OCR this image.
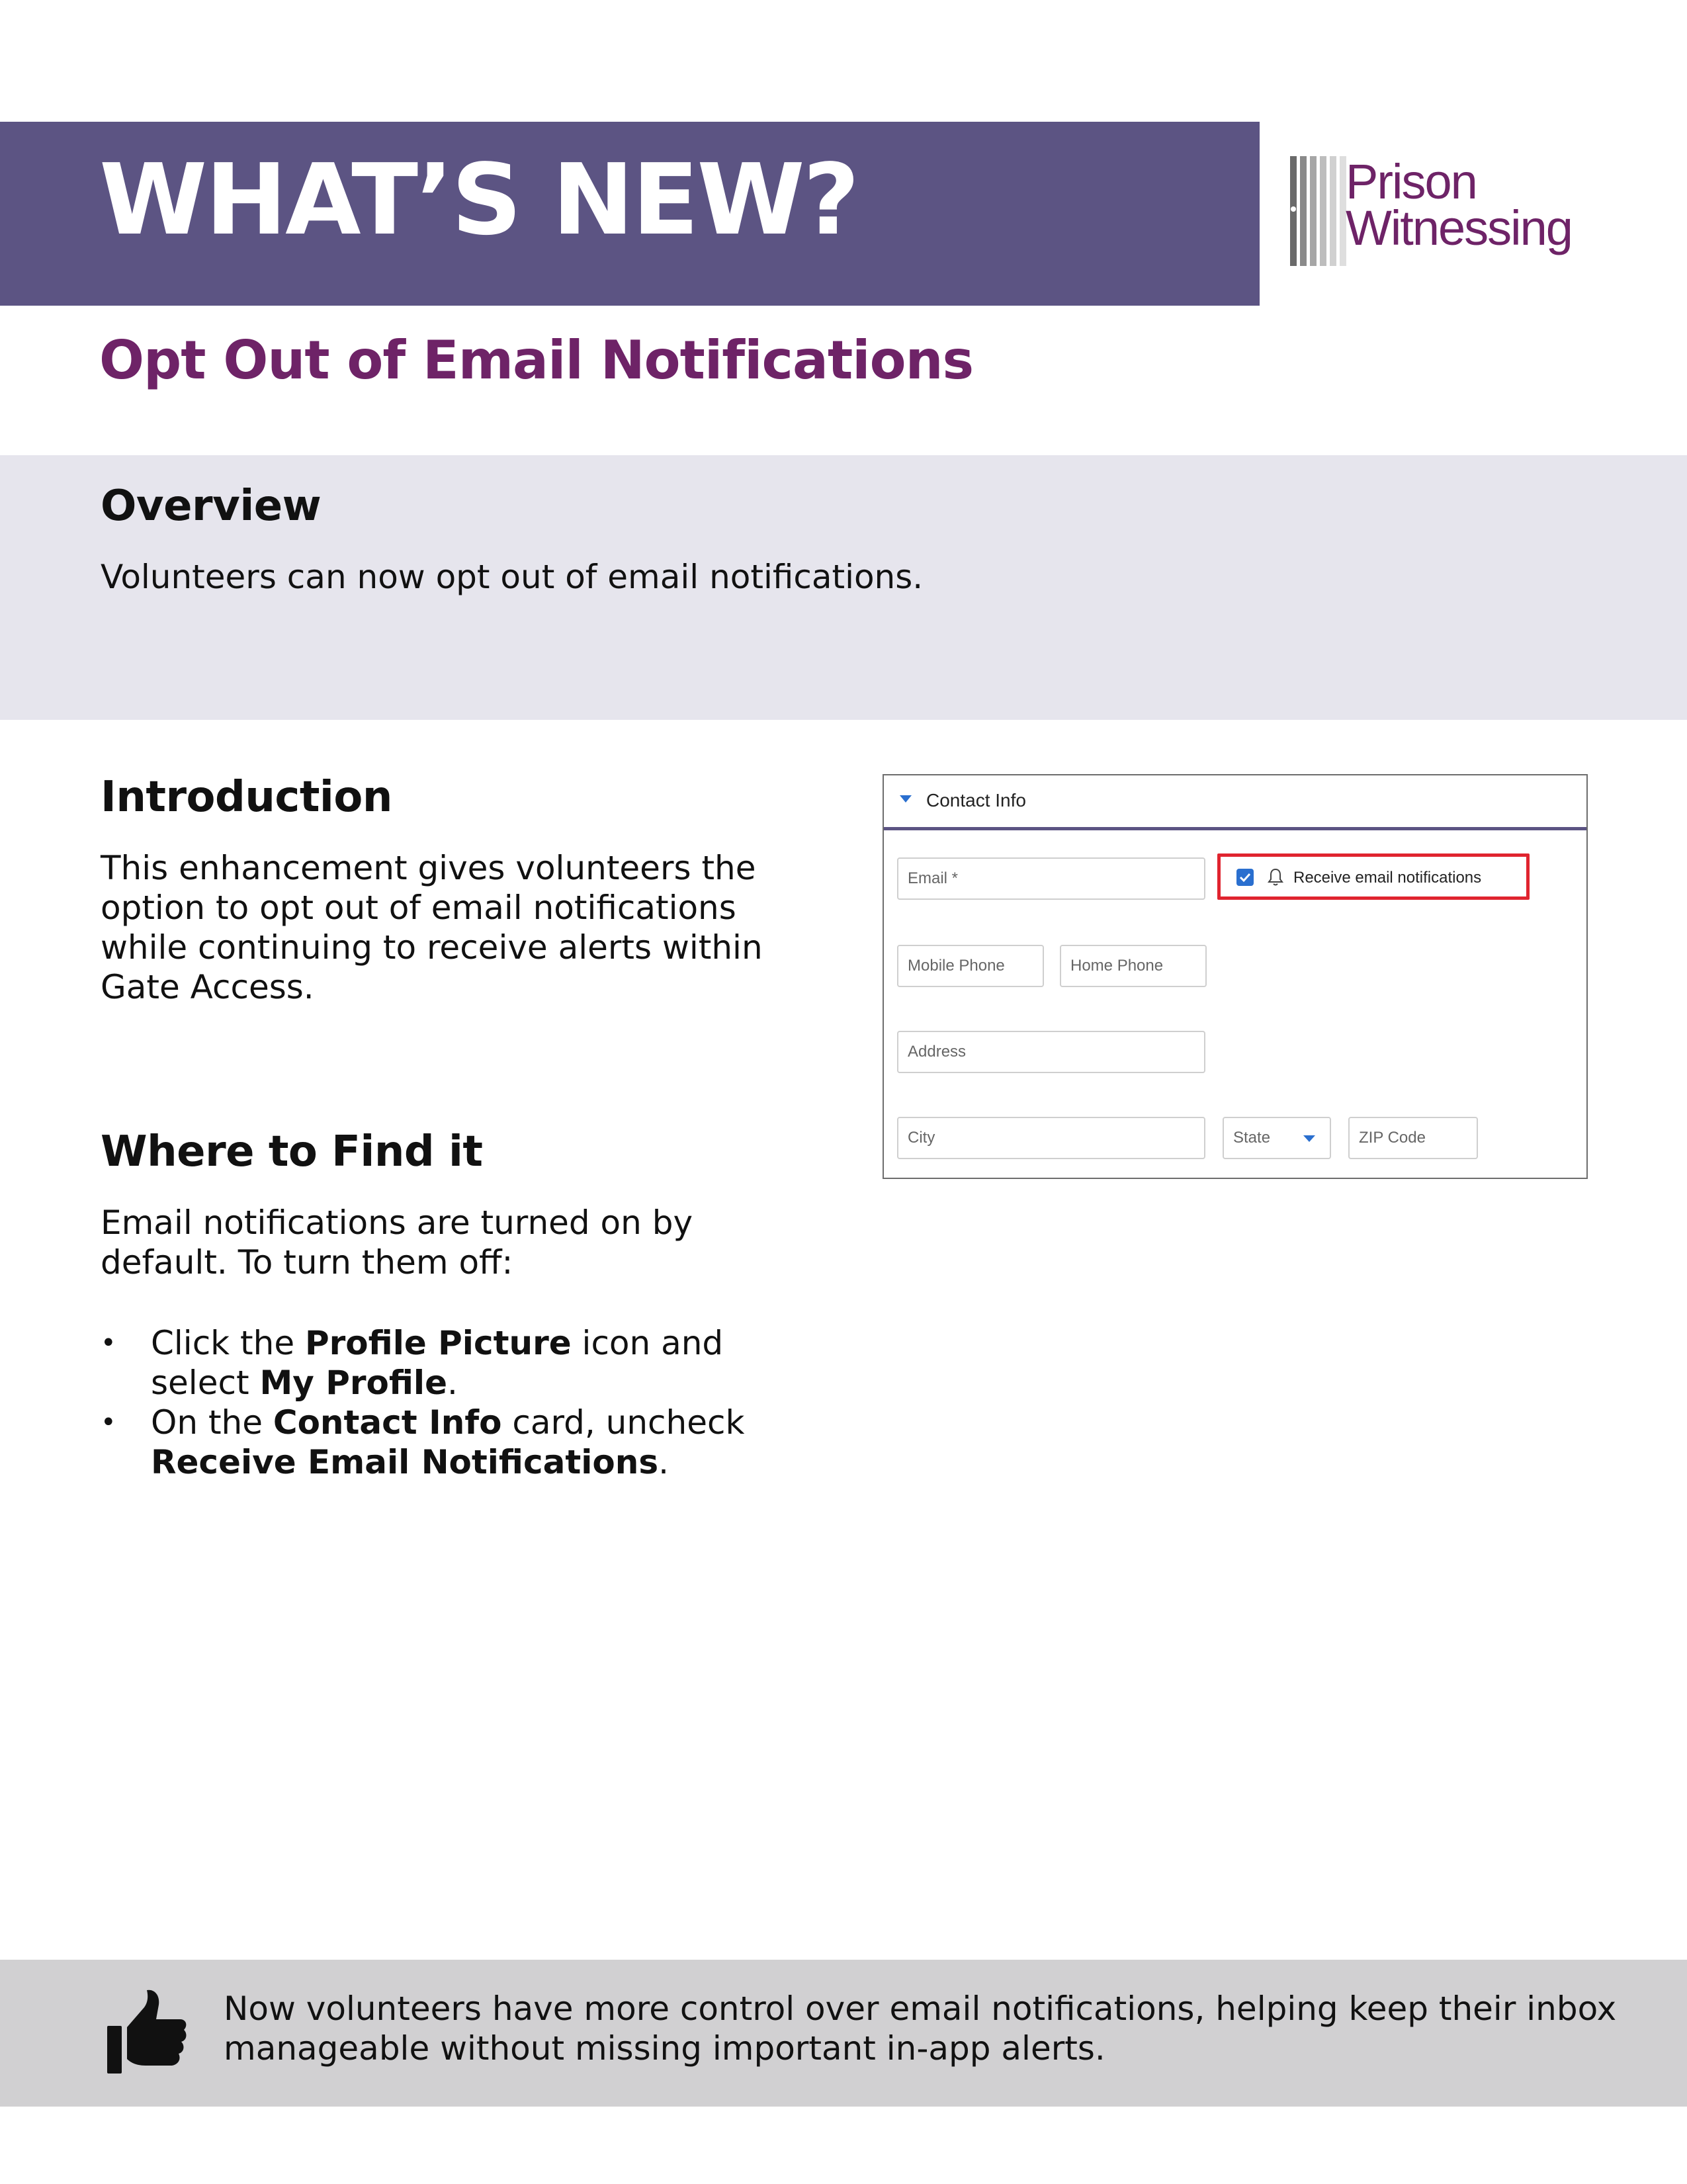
WHAT’S NEW?	Prison
Witnessing
Opt Out of Email Notifications
Overview
Volunteers can now opt out of email notifications.
Introduction
This enhancement gives volunteers the
option to opt out of email notifications
while continuing to receive alerts within
Gate Access.
Where to Find it
Email notifications are turned on by
default. To turn them off:
• Click the Profile Picture icon and
select My Profile.
• On the Contact Info card, uncheck
Receive Email Notifications.
Contact Info
Email *	Receive email notifications
Mobile Phone	Home Phone
Address
City	State	ZIP Code
Now volunteers have more control over email notifications, helping keep their inbox
manageable without missing important in-app alerts.
